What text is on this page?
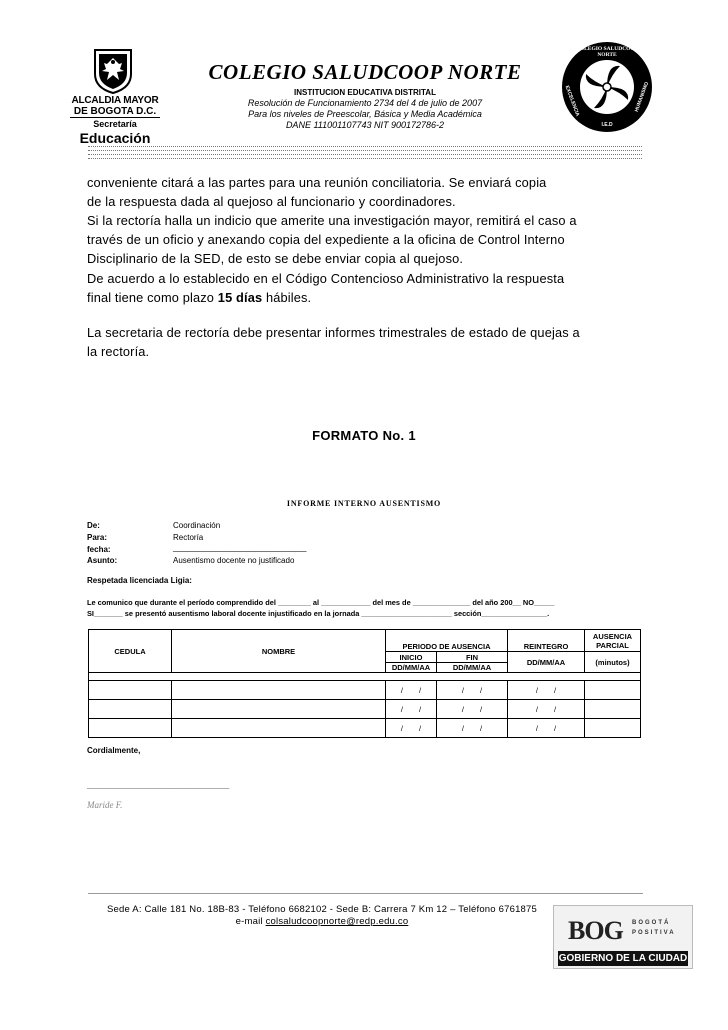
ALCALDIA MAYOR
DE BOGOTA D.C.
Secretaría
Educación
COLEGIO SALUDCOOP NORTE
INSTITUCION EDUCATIVA DISTRITAL
Resolución de Funcionamiento 2734 del 4 de julio de 2007
Para los niveles de Preescolar, Básica y Media Académica
DANE 111001107743 NIT 900172786-2
COLEGIO SALUDCOOP NORTE
EXCELENCIA	HUMANISMO
I.E.D
conveniente citará a las partes para una reunión conciliatoria. Se enviará copia
de la respuesta dada al quejoso al funcionario y coordinadores.
Si la rectoría halla un indicio que amerite una investigación mayor, remitirá el caso a
través de un oficio y anexando copia del expediente a la oficina de Control Interno
Disciplinario de la SED, de esto se debe enviar copia al quejoso.
De acuerdo a lo establecido en el Código Contencioso Administrativo la respuesta
final tiene como plazo 15 días hábiles.
La secretaria de rectoría debe presentar informes trimestrales de estado de quejas a
la rectoría.
FORMATO No. 1
INFORME INTERNO AUSENTISMO
De:	Coordinación
Para:	Rectoría
fecha:	______________________________
Asunto:	Ausentismo docente no justificado
Respetada licenciada Ligia:
Le comunico que durante el período comprendido del ________ al ____________ del mes de ______________ del año 200__ NO_____
SI_______ se presentó ausentismo laboral docente injustificado en la jornada ______________________ sección________________.
CEDULA	NOMBRE	PERIODO DE AUSENCIA		REINTEGRO	AUSENCIA PARCIAL

		INICIO	FIN	DD/MM/AA	(minutos)
		DD/MM/AA	DD/MM/AA		

		/ /	/ /	/ /	
		/ /	/ /	/ /	
		/ /	/ /	/ /	
Cordialmente,
________________________________
Maride F.
Sede A: Calle 181 No. 18B-83 - Teléfono 6682102 - Sede B: Carrera 7 Km 12 – Teléfono 6761875
e-mail colsaludcoopnorte@redp.edu.co	BOG BOGOTÁ
POSITIVA
GOBIERNO DE LA CIUDAD
